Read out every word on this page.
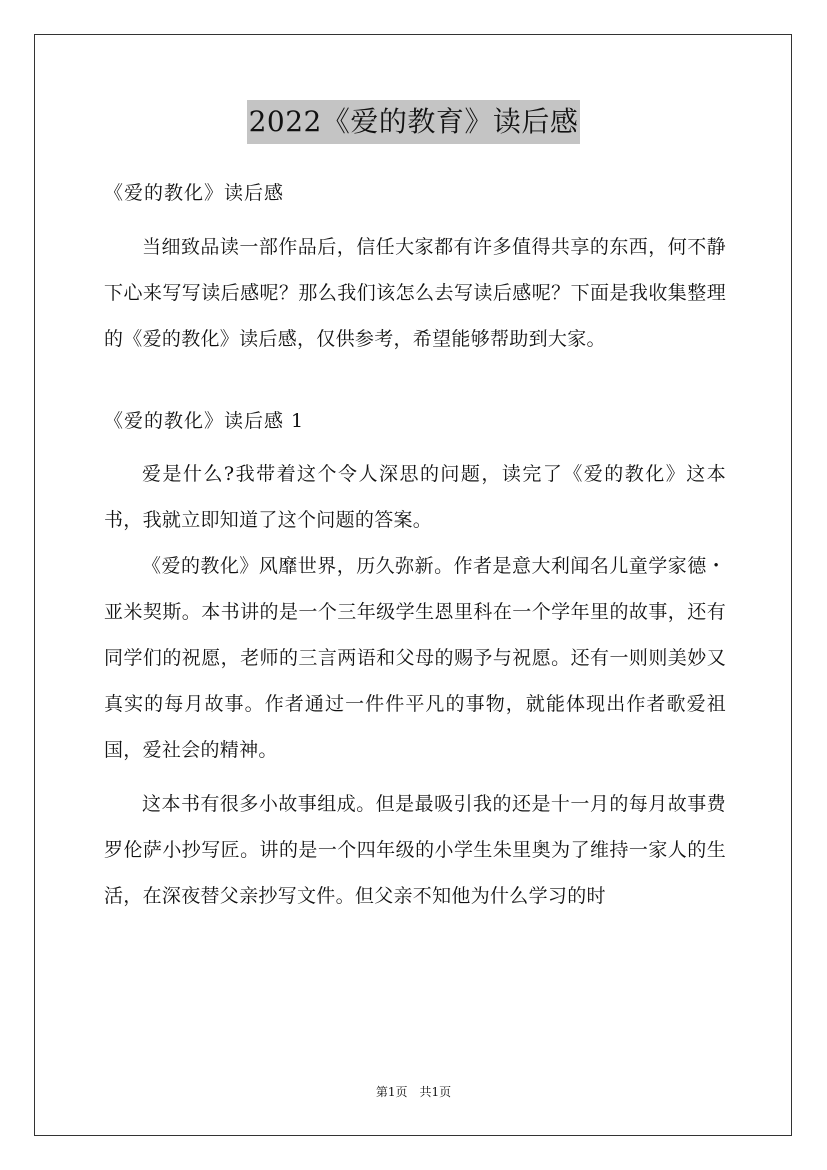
2022《爱的教育》读后感

《爱的教化》读后感

当细致品读一部作品后，信任大家都有许多值得共享的东西，何不静下心来写写读后感呢？那么我们该怎么去写读后感呢？下面是我收集整理的《爱的教化》读后感，仅供参考，希望能够帮助到大家。

《爱的教化》读后感 1

爱是什么?我带着这个令人深思的问题，读完了《爱的教化》这本书，我就立即知道了这个问题的答案。

《爱的教化》风靡世界，历久弥新。作者是意大利闻名儿童学家德・亚米契斯。本书讲的是一个三年级学生恩里科在一个学年里的故事，还有同学们的祝愿，老师的三言两语和父母的赐予与祝愿。还有一则则美妙又真实的每月故事。作者通过一件件平凡的事物，就能体现出作者歌爱祖国，爱社会的精神。

这本书有很多小故事组成。但是最吸引我的还是十一月的每月故事费罗伦萨小抄写匠。讲的是一个四年级的小学生朱里奥为了维持一家人的生活，在深夜替父亲抄写文件。但父亲不知他为什么学习的时

第1页 共1页
